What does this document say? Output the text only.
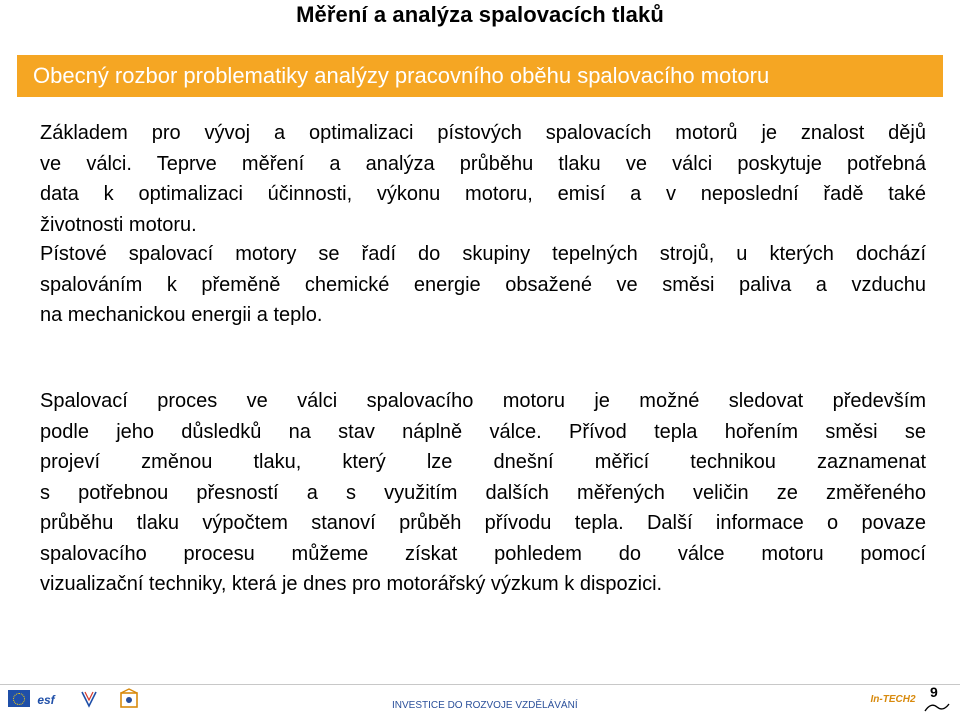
Měření a analýza spalovacích tlaků
Obecný rozbor problematiky analýzy pracovního oběhu spalovacího motoru
Základem pro vývoj a optimalizaci pístových spalovacích motorů je znalost dějů
ve válci. Teprve měření a analýza průběhu tlaku ve válci poskytuje potřebná
data k optimalizaci účinnosti, výkonu motoru, emisí a v neposlední řadě také
životnosti motoru.
Pístové spalovací motory se řadí do skupiny tepelných strojů, u kterých dochází
spalováním k přeměně chemické energie obsažené ve směsi paliva a vzduchu
na mechanickou energii a teplo.
Spalovací proces ve válci spalovacího motoru je možné sledovat především
podle jeho důsledků na stav náplně válce. Přívod tepla hořením směsi se
projeví změnou tlaku, který lze dnešní měřicí technikou zaznamenat
s potřebnou přesností a s využitím dalších měřených veličin ze změřeného
průběhu tlaku výpočtem stanoví průběh přívodu tepla. Další informace o povaze
spalovacího procesu můžeme získat pohledem do válce motoru pomocí
vizualizační techniky, která je dnes pro motorářský výzkum k dispozici.
esf	INVESTICE DO ROZVOJE VZDĚLÁVÁNÍ
In-TECH2 9
